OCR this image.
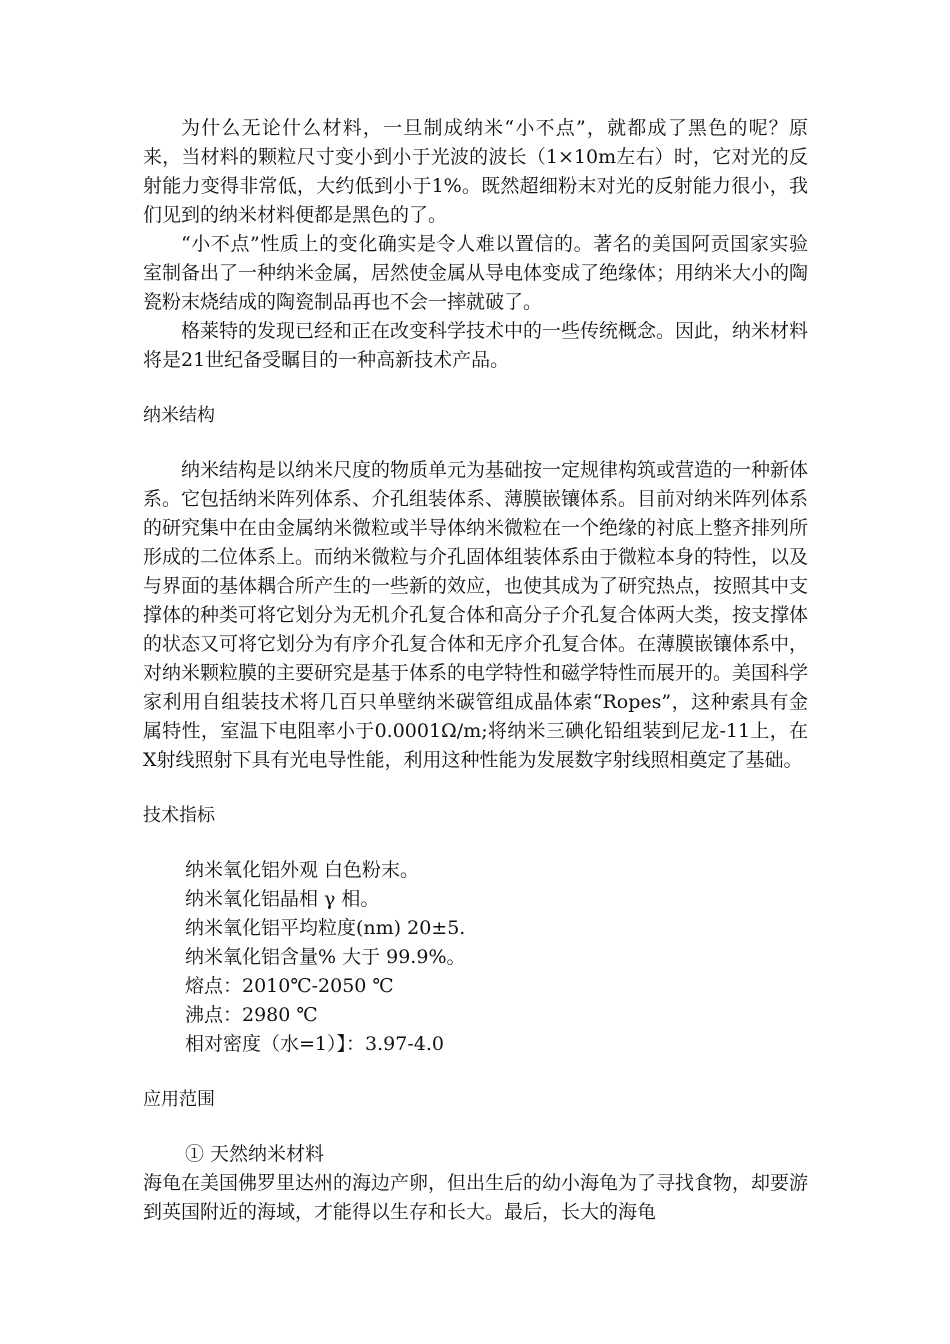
为什么无论什么材料，一旦制成纳米“小不点”，就都成了黑色的呢？原来，当材料的颗粒尺寸变小到小于光波的波长（1×10m左右）时，它对光的反射能力变得非常低，大约低到小于1%。既然超细粉末对光的反射能力很小，我们见到的纳米材料便都是黑色的了。

“小不点”性质上的变化确实是令人难以置信的。著名的美国阿贡国家实验室制备出了一种纳米金属，居然使金属从导电体变成了绝缘体；用纳米大小的陶瓷粉末烧结成的陶瓷制品再也不会一摔就破了。

格莱特的发现已经和正在改变科学技术中的一些传统概念。因此，纳米材料将是21世纪备受瞩目的一种高新技术产品。

纳米结构

纳米结构是以纳米尺度的物质单元为基础按一定规律构筑或营造的一种新体系。它包括纳米阵列体系、介孔组装体系、薄膜嵌镶体系。目前对纳米阵列体系的研究集中在由金属纳米微粒或半导体纳米微粒在一个绝缘的衬底上整齐排列所形成的二位体系上。而纳米微粒与介孔固体组装体系由于微粒本身的特性，以及与界面的基体耦合所产生的一些新的效应，也使其成为了研究热点，按照其中支撑体的种类可将它划分为无机介孔复合体和高分子介孔复合体两大类，按支撑体的状态又可将它划分为有序介孔复合体和无序介孔复合体。在薄膜嵌镶体系中，对纳米颗粒膜的主要研究是基于体系的电学特性和磁学特性而展开的。美国科学家利用自组装技术将几百只单壁纳米碳管组成晶体索“Ropes”，这种索具有金属特性，室温下电阻率小于0.0001Ω/m;将纳米三碘化铅组装到尼龙-11上，在X射线照射下具有光电导性能，利用这种性能为发展数字射线照相奠定了基础。

技术指标

纳米氧化铝外观 白色粉末。
纳米氧化铝晶相 γ 相。
纳米氧化铝平均粒度(nm) 20±5.
纳米氧化铝含量% 大于 99.9%。
熔点：2010℃-2050 ℃
沸点：2980 ℃
相对密度（水=1）】：3.97-4.0

应用范围

① 天然纳米材料

海龟在美国佛罗里达州的海边产卵，但出生后的幼小海龟为了寻找食物，却要游到英国附近的海域，才能得以生存和长大。最后，长大的海龟
